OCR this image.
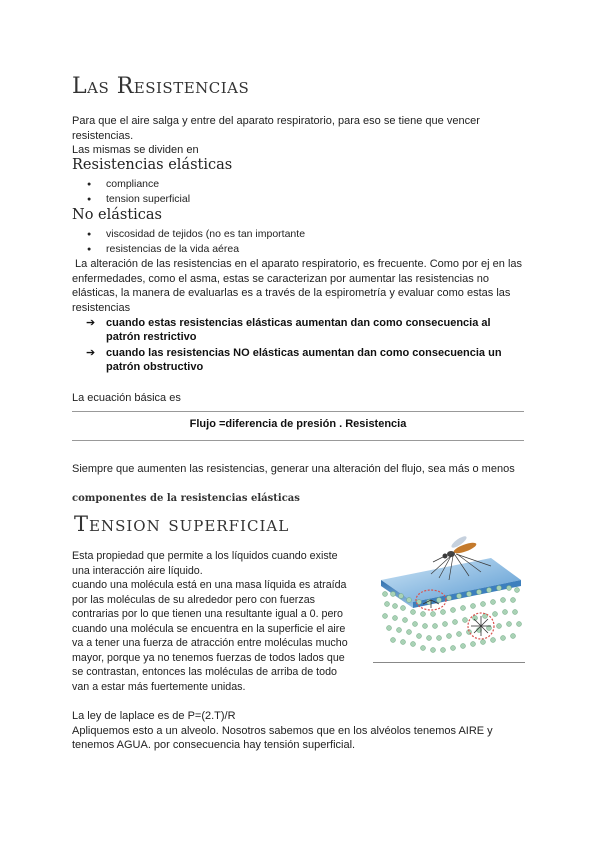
Las Resistencias
Para que el aire salga y entre del aparato respiratorio, para eso se tiene que vencer
resistencias.
Las mismas se dividen en
Resistencias elásticas
● compliance
● tension superficial
No elásticas
● viscosidad de tejidos (no es tan importante
● resistencias de la vida aérea
La alteración de las resistencias en el aparato respiratorio, es frecuente. Como por ej en las
enfermedades, como el asma, estas se caracterizan por aumentar las resistencias no
elásticas, la manera de evaluarlas es a través de la espirometría y evaluar como estas las
resistencias
➔ cuando estas resistencias elásticas aumentan dan como consecuencia al
patrón restrictivo
➔ cuando las resistencias NO elásticas aumentan dan como consecuencia un
patrón obstructivo
La ecuación básica es
Flujo =diferencia de presión . Resistencia
Siempre que aumenten las resistencias, generar una alteración del flujo, sea más o menos
componentes de la resistencias elásticas
Tension superficial
Esta propiedad que permite a los líquidos cuando existe
una interacción aire líquido.
cuando una molécula está en una masa líquida es atraída
por las moléculas de su alrededor pero con fuerzas
contrarias por lo que tienen una resultante igual a 0. pero
cuando una molécula se encuentra en la superficie el aire
va a tener una fuerza de atracción entre moléculas mucho
mayor, porque ya no tenemos fuerzas de todos lados que
se contrastan, entonces las moléculas de arriba de todo
van a estar más fuertemente unidas.
La ley de laplace es de P=(2.T)/R
Apliquemos esto a un alveolo. Nosotros sabemos que en los alvéolos tenemos AIRE y
tenemos AGUA. por consecuencia hay tensión superficial.
